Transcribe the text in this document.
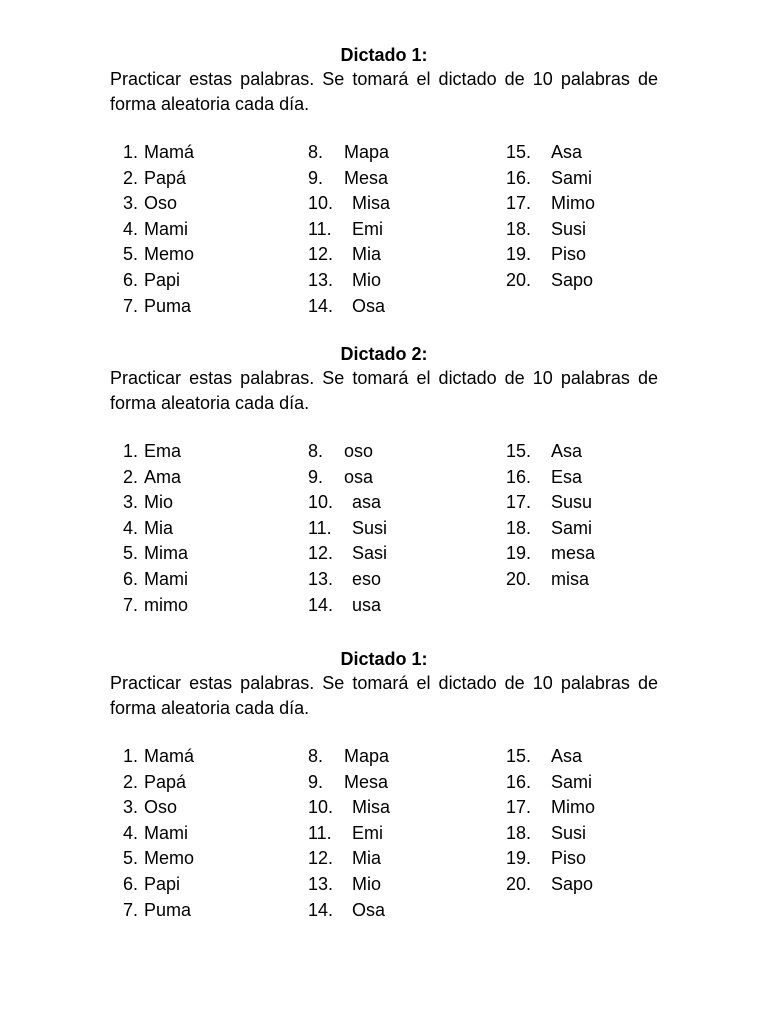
Dictado 1:
Practicar estas palabras. Se tomará el dictado de 10 palabras de forma aleatoria cada día.
1. Mamá
2. Papá
3. Oso
4. Mami
5. Memo
6. Papi
7. Puma
8.	Mapa
9.	Mesa
10.	Misa
11.	Emi
12.	Mia
13.	Mio
14.	Osa
15.	Asa
16.	Sami
17.	Mimo
18.	Susi
19.	Piso
20.	Sapo
Dictado 2:
Practicar estas palabras. Se tomará el dictado de 10 palabras de forma aleatoria cada día.
1. Ema
2. Ama
3. Mio
4. Mia
5. Mima
6. Mami
7. mimo
8.	oso
9.	osa
10.	asa
11.	Susi
12.	Sasi
13.	eso
14.	usa
15.	Asa
16.	Esa
17.	Susu
18.	Sami
19.	mesa
20.	misa
Dictado 1:
Practicar estas palabras. Se tomará el dictado de 10 palabras de forma aleatoria cada día.
1. Mamá
2. Papá
3. Oso
4. Mami
5. Memo
6. Papi
7. Puma
8.	Mapa
9.	Mesa
10.	Misa
11.	Emi
12.	Mia
13.	Mio
14.	Osa
15.	Asa
16.	Sami
17.	Mimo
18.	Susi
19.	Piso
20.	Sapo
